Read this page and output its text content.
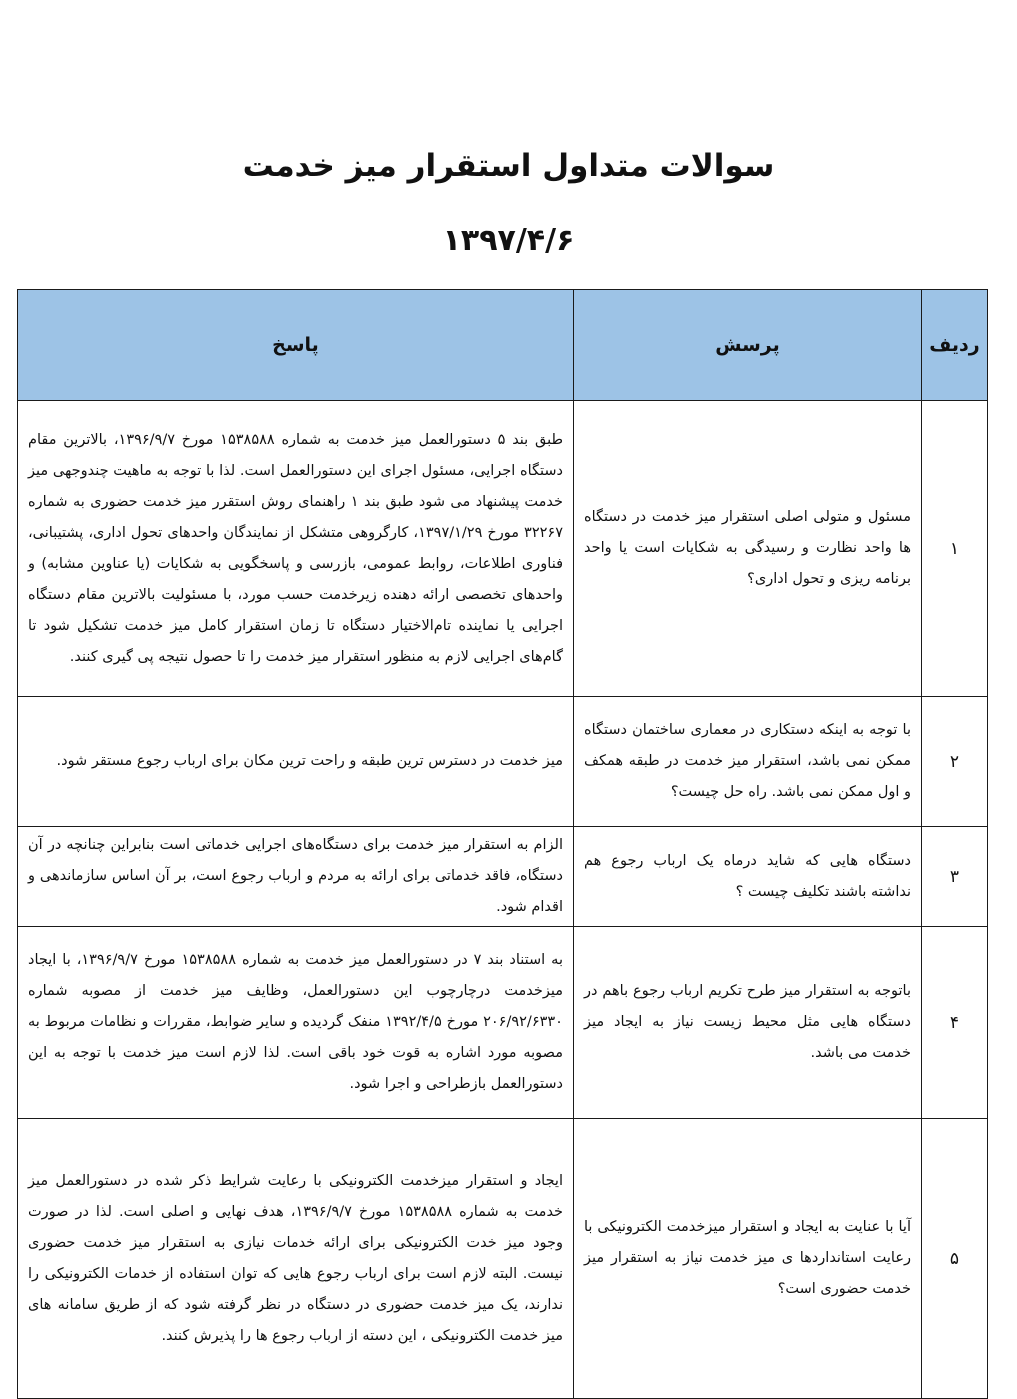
سوالات متداول استقرار میز خدمت
۱۳۹۷/۴/۶
ردیف	پرسش	پاسخ
۱	مسئول و متولی اصلی استقرار میز خدمت در دستگاه ها واحد نظارت و رسیدگی به شکایات است یا واحد برنامه ریزی و تحول اداری؟	طبق بند ۵ دستورالعمل میز خدمت به شماره ۱۵۳۸۵۸۸ مورخ ۱۳۹۶/۹/۷، بالاترین مقام دستگاه اجرایی، مسئول اجرای این دستورالعمل است. لذا با توجه به ماهیت چندوجهی میز خدمت پیشنهاد می شود طبق بند ۱ راهنمای روش استقرر میز خدمت حضوری به شماره ۳۲۲۶۷ مورخ ۱۳۹۷/۱/۲۹، کارگروهی متشکل از نمایندگان واحدهای تحول اداری، پشتیبانی، فناوری اطلاعات، روابط عمومی، بازرسی و پاسخگویی به شکایات (یا عناوین مشابه) و واحدهای تخصصی ارائه دهنده زیرخدمت حسب مورد، با مسئولیت بالاترین مقام دستگاه اجرایی یا نماینده تام‌الاختیار دستگاه تا زمان استقرار کامل میز خدمت تشکیل شود تا گام‌های اجرایی لازم به منظور استقرار میز خدمت را تا حصول نتیجه پی گیری کنند.
۲	با توجه به اینکه دستکاری در معماری ساختمان دستگاه ممکن نمی باشد، استقرار میز خدمت در طبقه همکف و اول ممکن نمی باشد. راه حل چیست؟	میز خدمت در دسترس ترین طبقه و راحت ترین مکان برای ارباب رجوع مستقر شود.
۳	دستگاه هایی که شاید درماه یک ارباب رجوع هم نداشته باشند تکلیف چیست ؟	الزام به استقرار میز خدمت برای دستگاه‌های اجرایی خدماتی است بنابراین چنانچه در آن دستگاه، فاقد خدماتی برای ارائه به مردم و ارباب رجوع است، بر آن اساس سازماندهی و اقدام شود.
۴	باتوجه به استقرار میز طرح تکریم ارباب رجوع باهم در دستگاه هایی مثل محیط زیست نیاز به ایجاد میز خدمت می باشد.	به استناد بند ۷ در دستورالعمل میز خدمت به شماره ۱۵۳۸۵۸۸ مورخ ۱۳۹۶/۹/۷، با ایجاد میزخدمت درچارچوب این دستورالعمل، وظایف میز خدمت از مصوبه شماره ۲۰۶/۹۲/۶۳۳۰ مورخ ۱۳۹۲/۴/۵ منفک گردیده و سایر ضوابط، مقررات و نظامات مربوط به مصوبه مورد اشاره به قوت خود باقی است. لذا لازم است میز خدمت با توجه به این دستورالعمل بازطراحی و اجرا شود.
۵	آیا با عنایت به ایجاد و استقرار میزخدمت الکترونیکی با رعایت استانداردها ی میز خدمت نیاز به استقرار میز خدمت حضوری است؟	ایجاد و استقرار میزخدمت الکترونیکی با رعایت شرایط ذکر شده در دستورالعمل میز خدمت به شماره ۱۵۳۸۵۸۸ مورخ ۱۳۹۶/۹/۷، هدف نهایی و اصلی است. لذا در صورت وجود میز خدت الکترونیکی برای ارائه خدمات نیازی به استقرار میز خدمت حضوری نیست. البته لازم است برای ارباب رجوع هایی که توان استفاده از خدمات الکترونیکی را ندارند، یک میز خدمت حضوری در دستگاه در نظر گرفته شود که از طریق سامانه های میز خدمت الکترونیکی ، این دسته از ارباب رجوع ها را پذیرش کنند.
